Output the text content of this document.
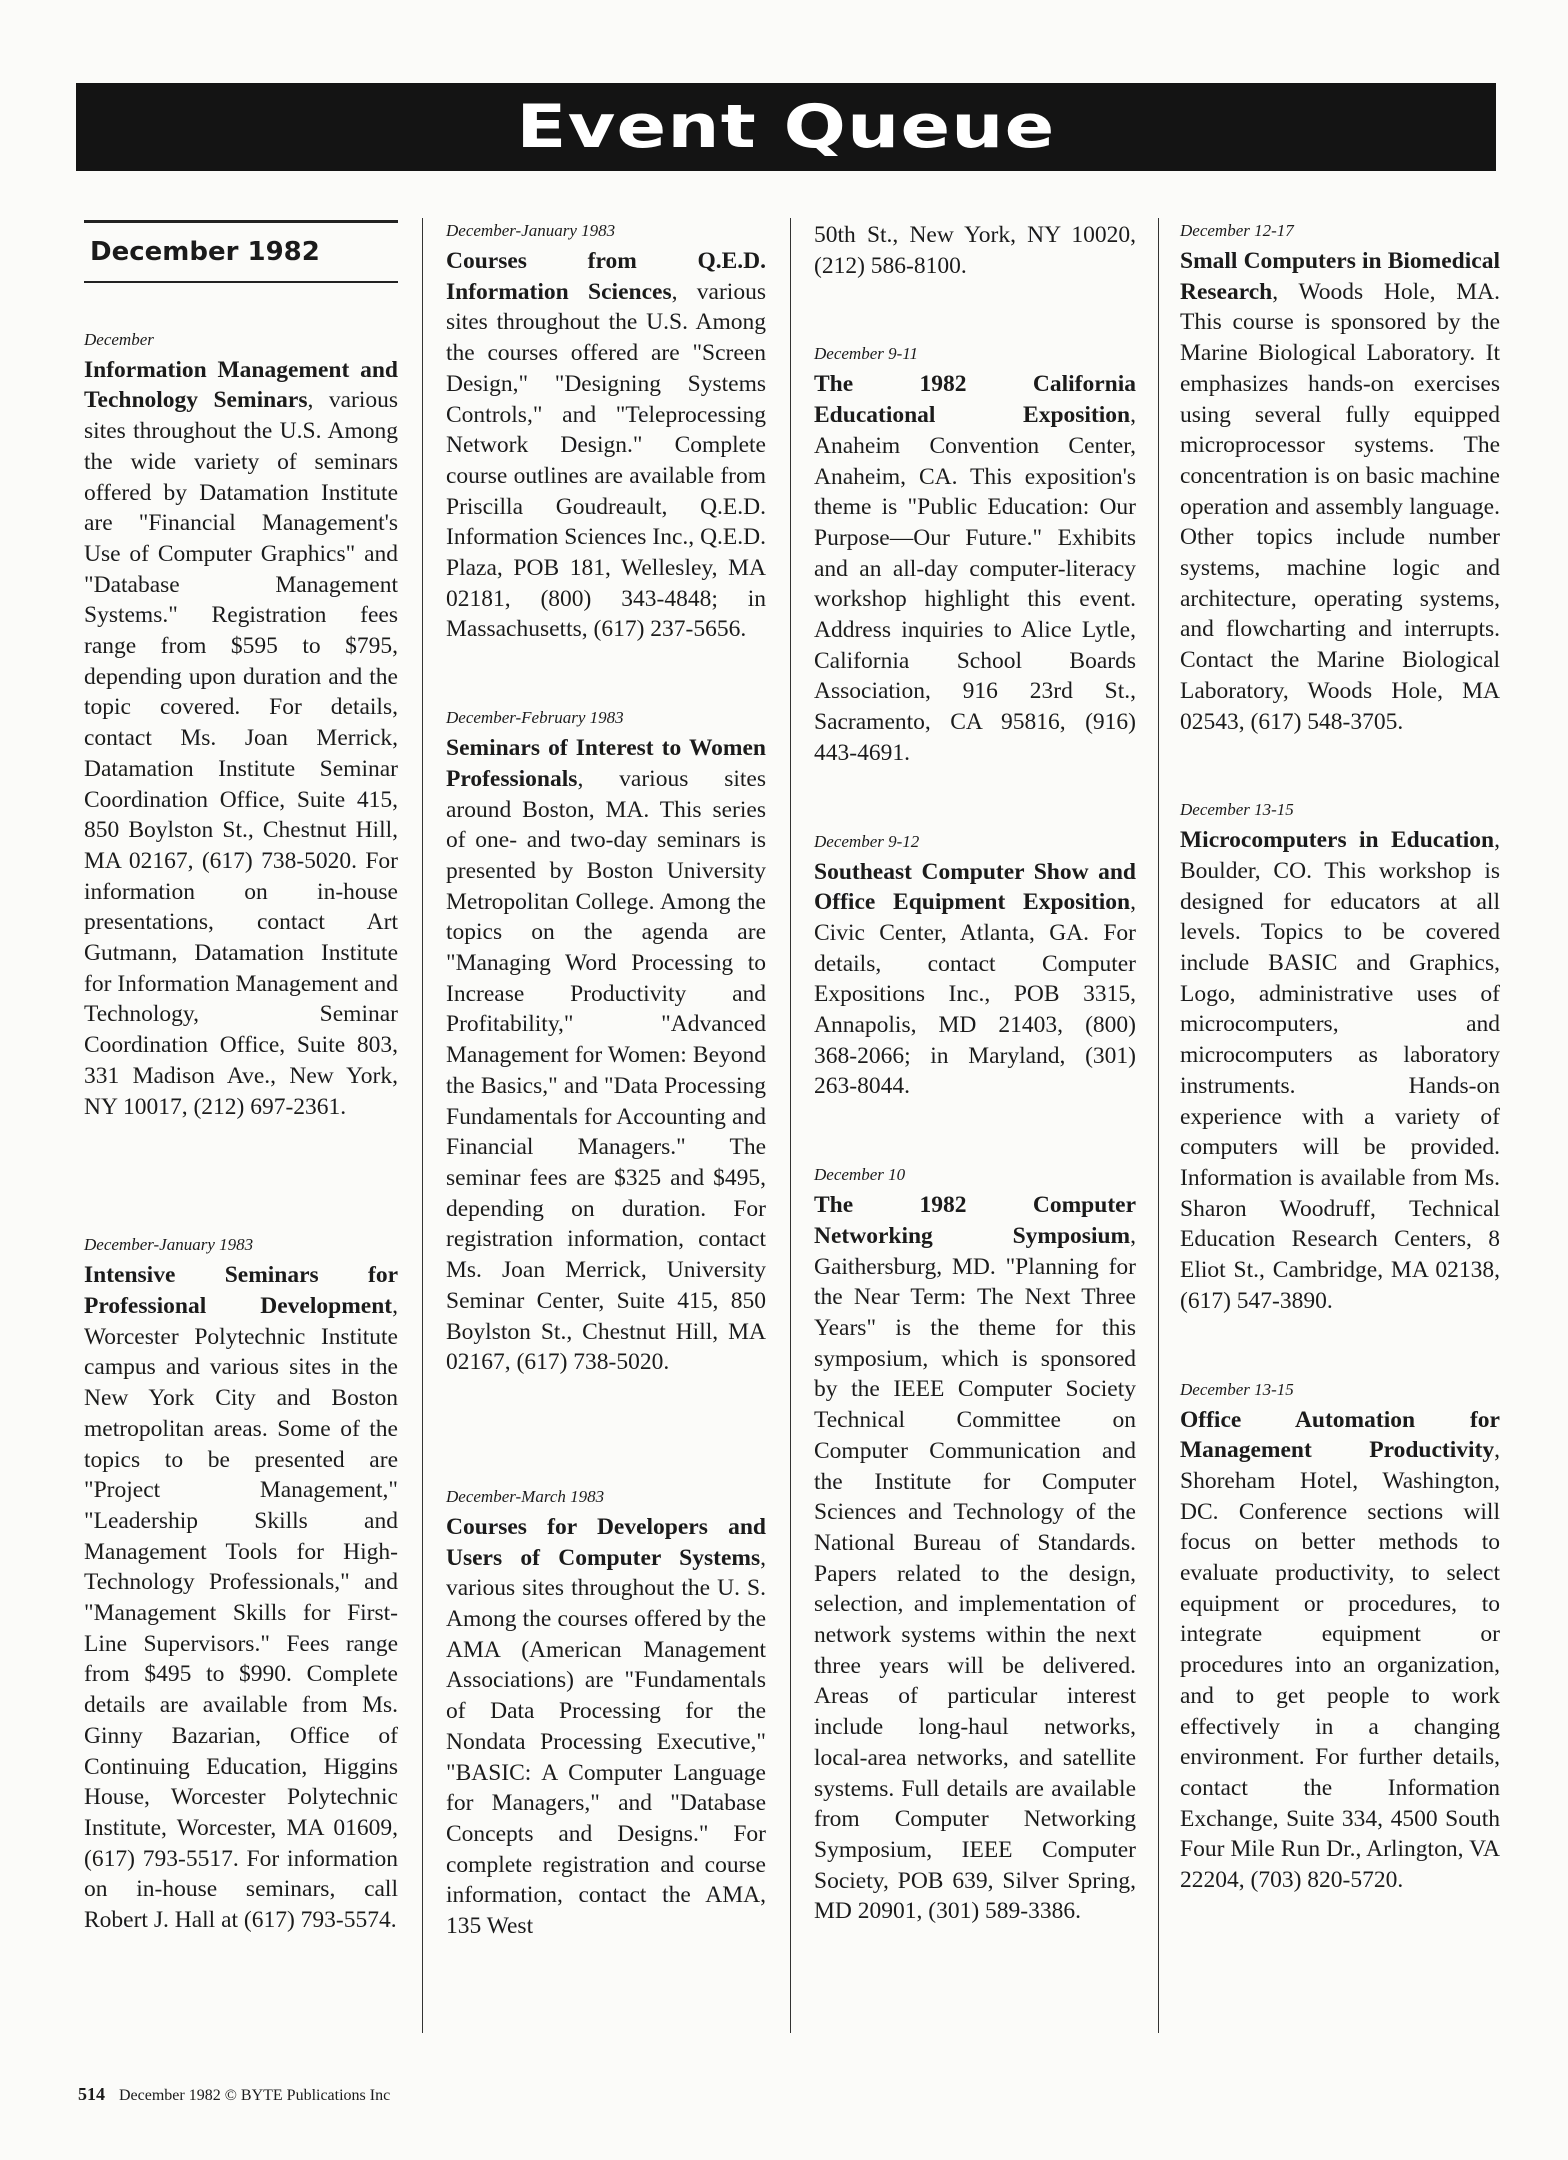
Event Queue
December 1982
December
Information Management and Technology Seminars, various sites throughout the U.S. Among the wide variety of seminars offered by Datamation Institute are "Financial Management's Use of Computer Graphics" and "Database Management Systems." Registration fees range from $595 to $795, depending upon duration and the topic covered. For details, contact Ms. Joan Merrick, Datamation Institute Seminar Coordination Office, Suite 415, 850 Boylston St., Chestnut Hill, MA 02167, (617) 738-5020. For information on in-house presentations, contact Art Gutmann, Datamation Institute for Information Management and Technology, Seminar Coordination Office, Suite 803, 331 Madison Ave., New York, NY 10017, (212) 697-2361.
December-January 1983
Intensive Seminars for Professional Development, Worcester Polytechnic Institute campus and various sites in the New York City and Boston metropolitan areas. Some of the topics to be presented are "Project Management," "Leadership Skills and Management Tools for High-Technology Professionals," and "Management Skills for First-Line Supervisors." Fees range from $495 to $990. Complete details are available from Ms. Ginny Bazarian, Office of Continuing Education, Higgins House, Worcester Polytechnic Institute, Worcester, MA 01609, (617) 793-5517. For information on in-house seminars, call Robert J. Hall at (617) 793-5574.
December-January 1983
Courses from Q.E.D. Information Sciences, various sites throughout the U.S. Among the courses offered are "Screen Design," "Designing Systems Controls," and "Teleprocessing Network Design." Complete course outlines are available from Priscilla Goudreault, Q.E.D. Information Sciences Inc., Q.E.D. Plaza, POB 181, Wellesley, MA 02181, (800) 343-4848; in Massachusetts, (617) 237-5656.
December-February 1983
Seminars of Interest to Women Professionals, various sites around Boston, MA. This series of one- and two-day seminars is presented by Boston University Metropolitan College. Among the topics on the agenda are "Managing Word Processing to Increase Productivity and Profitability," "Advanced Management for Women: Beyond the Basics," and "Data Processing Fundamentals for Accounting and Financial Managers." The seminar fees are $325 and $495, depending on duration. For registration information, contact Ms. Joan Merrick, University Seminar Center, Suite 415, 850 Boylston St., Chestnut Hill, MA 02167, (617) 738-5020.
December-March 1983
Courses for Developers and Users of Computer Systems, various sites throughout the U. S. Among the courses offered by the AMA (American Management Associations) are "Fundamentals of Data Processing for the Nondata Processing Executive," "BASIC: A Computer Language for Managers," and "Database Concepts and Designs." For complete registration and course information, contact the AMA, 135 West
50th St., New York, NY 10020, (212) 586-8100.
December 9-11
The 1982 California Educational Exposition, Anaheim Convention Center, Anaheim, CA. This exposition's theme is "Public Education: Our Purpose—Our Future." Exhibits and an all-day computer-literacy workshop highlight this event. Address inquiries to Alice Lytle, California School Boards Association, 916 23rd St., Sacramento, CA 95816, (916) 443-4691.
December 9-12
Southeast Computer Show and Office Equipment Exposition, Civic Center, Atlanta, GA. For details, contact Computer Expositions Inc., POB 3315, Annapolis, MD 21403, (800) 368-2066; in Maryland, (301) 263-8044.
December 10
The 1982 Computer Networking Symposium, Gaithersburg, MD. "Planning for the Near Term: The Next Three Years" is the theme for this symposium, which is sponsored by the IEEE Computer Society Technical Committee on Computer Communication and the Institute for Computer Sciences and Technology of the National Bureau of Standards. Papers related to the design, selection, and implementation of network systems within the next three years will be delivered. Areas of particular interest include long-haul networks, local-area networks, and satellite systems. Full details are available from Computer Networking Symposium, IEEE Computer Society, POB 639, Silver Spring, MD 20901, (301) 589-3386.
December 12-17
Small Computers in Biomedical Research, Woods Hole, MA. This course is sponsored by the Marine Biological Laboratory. It emphasizes hands-on exercises using several fully equipped microprocessor systems. The concentration is on basic machine operation and assembly language. Other topics include number systems, machine logic and architecture, operating systems, and flowcharting and interrupts. Contact the Marine Biological Laboratory, Woods Hole, MA 02543, (617) 548-3705.
December 13-15
Microcomputers in Education, Boulder, CO. This workshop is designed for educators at all levels. Topics to be covered include BASIC and Graphics, Logo, administrative uses of microcomputers, and microcomputers as laboratory instruments. Hands-on experience with a variety of computers will be provided. Information is available from Ms. Sharon Woodruff, Technical Education Research Centers, 8 Eliot St., Cambridge, MA 02138, (617) 547-3890.
December 13-15
Office Automation for Management Productivity, Shoreham Hotel, Washington, DC. Conference sections will focus on better methods to evaluate productivity, to select equipment or procedures, to integrate equipment or procedures into an organization, and to get people to work effectively in a changing environment. For further details, contact the Information Exchange, Suite 334, 4500 South Four Mile Run Dr., Arlington, VA 22204, (703) 820-5720.
514 December 1982 © BYTE Publications Inc
